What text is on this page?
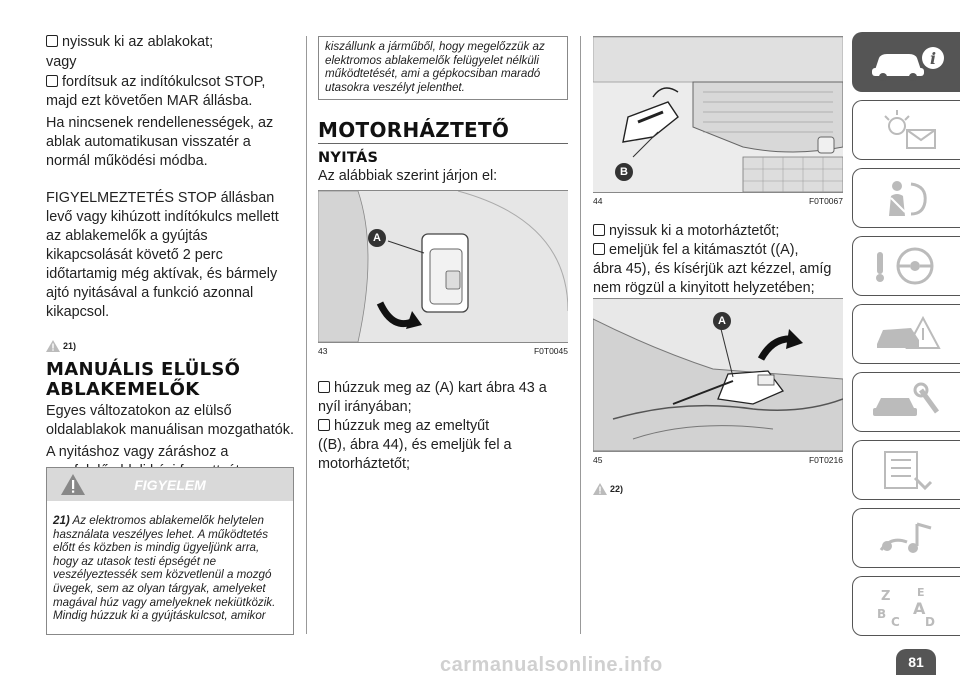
nyissuk ki az ablakokat;

vagy

fordítsuk az indítókulcsot STOP,

majd ezt követően MAR állásba.

Ha nincsenek rendellenességek, az ablak automatikusan visszatér a normál működési módba.

FIGYELMEZTETÉS STOP állásban levő vagy kihúzott indítókulcs mellett az ablakemelők a gyújtás kikapcsolását követő 2 perc időtartamig még aktívak, és bármely ajtó nyitásával a funkció azonnal kikapcsol.

21)

MANUÁLIS ELÜLSŐ

ABLAKEMELŐK

Egyes változatokon az elülső oldalablakok manuálisan mozgathatók.

A nyitáshoz vagy záráshoz a

FIGYELEM

21) Az elektromos ablakemelők helytelen használata veszélyes lehet. A működtetés előtt és közben is mindig ügyeljünk arra, hogy az utasok testi épségét ne veszélyeztessék sem közvetlenül a mozgó üvegek, sem az olyan tárgyak, amelyeket magával húz vagy amelyeknek nekiütközik. Mindig húzzuk ki a gyújtáskulcsot, amikor

kiszállunk a járműből, hogy megelőzzük az elektromos ablakemelők felügyelet nélküli működtetését, ami a gépkocsiban maradó utasokra veszélyt jelenthet.

MOTORHÁZTETŐ

NYITÁS

Az alábbiak szerint járjon el:

A
43	F0T0045

húzzuk meg az (A) kart ábra 43 a nyíl irányában;

húzzuk meg az emeltyűt

((B), ábra 44), és emeljük fel a motorháztetőt;

B
44	F0T0067

nyissuk ki a motorháztetőt;

emeljük fel a kitámasztót ((A),

ábra 45), és kísérjük azt kézzel, amíg nem rögzül a kinyitott helyzetében;

A
45	F0T0216
22)
i
Z E
B A
C D
81
carmanualsonline.info
